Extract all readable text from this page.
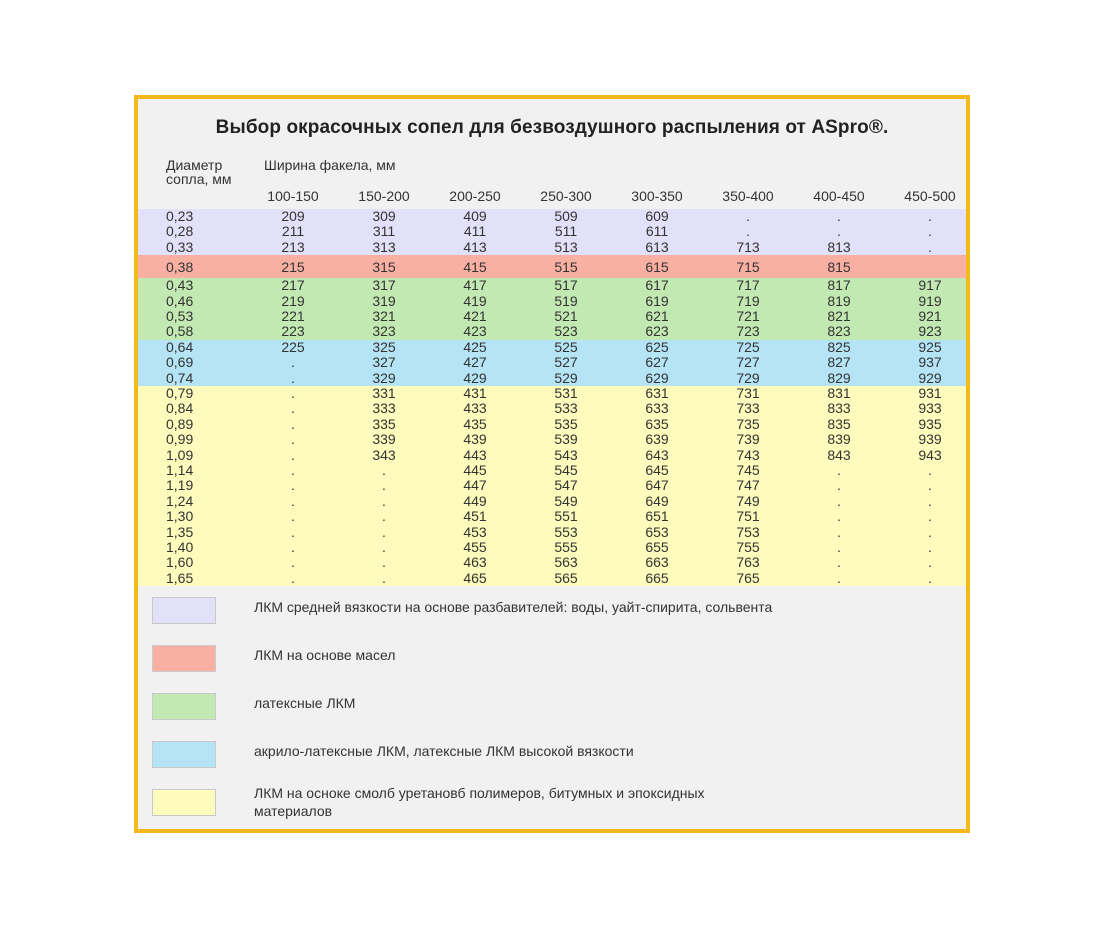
Выбор окрасочных сопел для безвоздушного распыления от ASpro®.
Диаметр сопла, мм
Ширина факела, мм
100-150	150-200	200-250	250-300	300-350	350-400	400-450	450-500
0,23	209	309	409	509	609	.	.	.
0,28	211	311	411	511	611	.	.	.
0,33	213	313	413	513	613	713	813	.
0,38	215	315	415	515	615	715	815
0,43	217	317	417	517	617	717	817	917
0,46	219	319	419	519	619	719	819	919
0,53	221	321	421	521	621	721	821	921
0,58	223	323	423	523	623	723	823	923
0,64	225	325	425	525	625	725	825	925
0,69	.	327	427	527	627	727	827	937
0,74	.	329	429	529	629	729	829	929
0,79	.	331	431	531	631	731	831	931
0,84	.	333	433	533	633	733	833	933
0,89	.	335	435	535	635	735	835	935
0,99	.	339	439	539	639	739	839	939
1,09	.	343	443	543	643	743	843	943
1,14	.	.	445	545	645	745	.	.
1,19	.	.	447	547	647	747	.	.
1,24	.	.	449	549	649	749	.	.
1,30	.	.	451	551	651	751	.	.
1,35	.	.	453	553	653	753	.	.
1,40	.	.	455	555	655	755	.	.
1,60	.	.	463	563	663	763	.	.
1,65	.	.	465	565	665	765	.	.
ЛКМ средней вязкости на основе разбавителей: воды, уайт-спирита, сольвента
ЛКМ на основе масел
латексные ЛКМ
акрило-латексные ЛКМ, латексные ЛКМ высокой вязкости
ЛКМ на осноке смолб уретановб полимеров, битумных и эпоксидных материалов
